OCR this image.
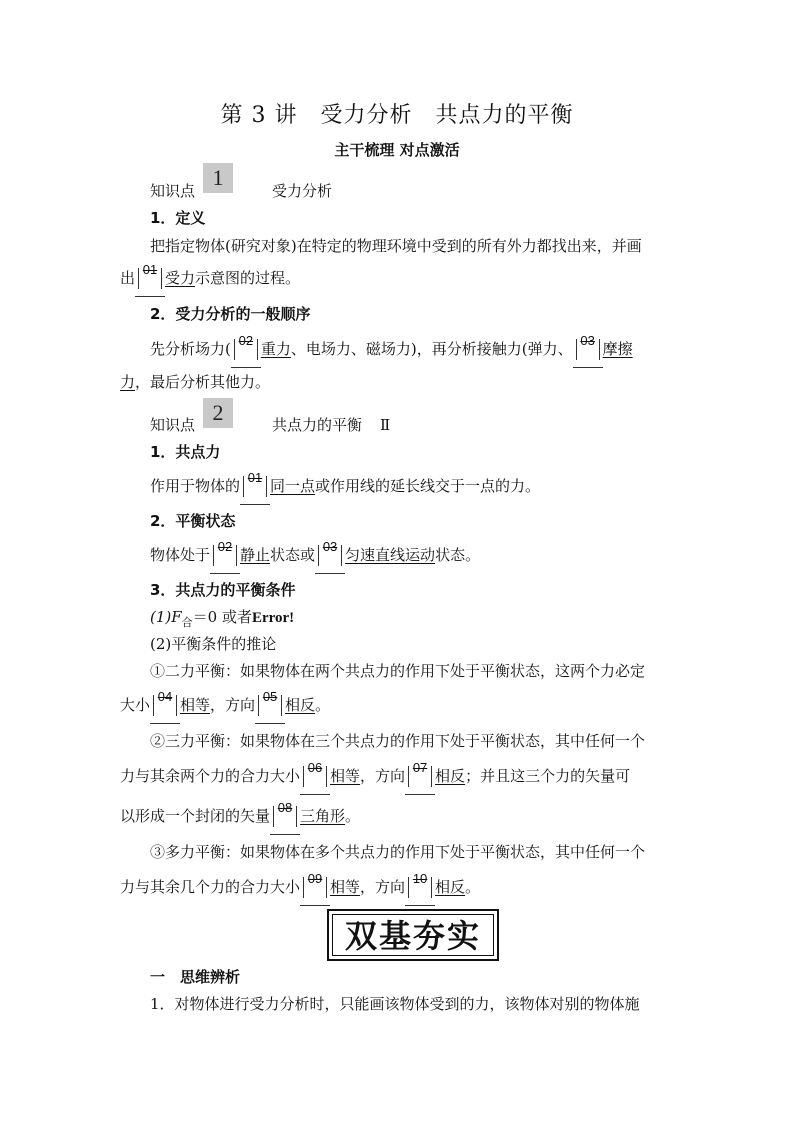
第 3 讲　受力分析　共点力的平衡
主干梳理 对点激活
知识点
1
受力分析
1．定义
把指定物体(研究对象)在特定的物理环境中受到的所有外力都找出来，并画
出 01 受力示意图的过程。
2．受力分析的一般顺序
先分析场力( 02 重力、电场力、磁场力)，再分析接触力(弹力、 03 摩擦
力，最后分析其他力。
知识点 2	共点力的平衡 Ⅱ
1．共点力
作用于物体的 01 同一点或作用线的延长线交于一点的力。
2．平衡状态
物体处于 02 静止状态或 03 匀速直线运动状态。
3．共点力的平衡条件
$(1)F_合=0$ 或者Error!
(2)平衡条件的推论
①二力平衡：如果物体在两个共点力的作用下处于平衡状态，这两个力必定
大小 04 相等，方向 05 相反。
②三力平衡：如果物体在三个共点力的作用下处于平衡状态，其中任何一个
力与其余两个力的合力大小 06 相等，方向 07 相反；并且这三个力的矢量可
以形成一个封闭的矢量 08 三角形。
③多力平衡：如果物体在多个共点力的作用下处于平衡状态，其中任何一个
力与其余几个力的合力大小 09 相等，方向 10 相反。
双基夯实
一　思维辨析
1．对物体进行受力分析时，只能画该物体受到的力，该物体对别的物体施
